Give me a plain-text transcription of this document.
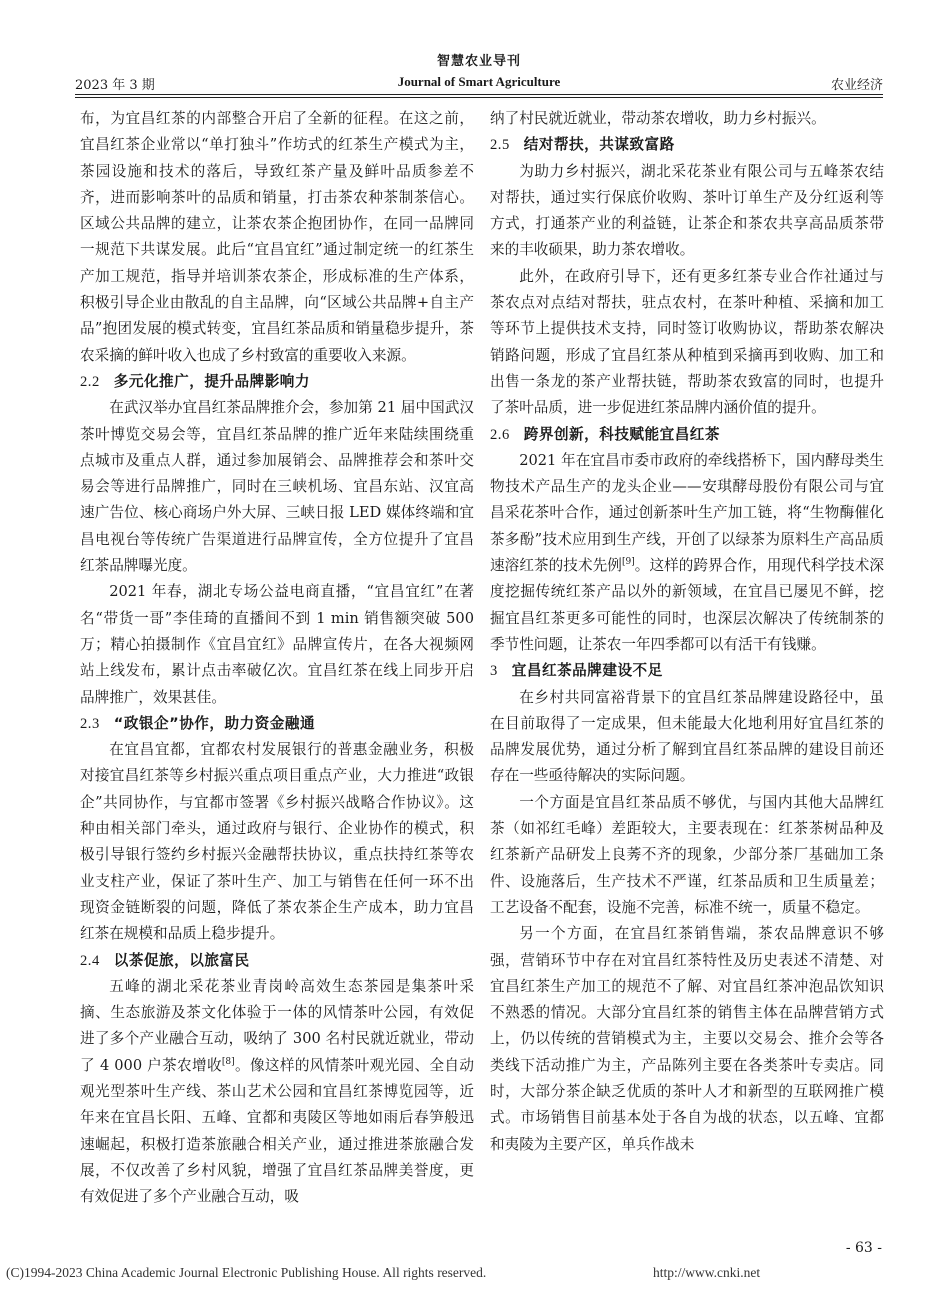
智慧农业导刊
2023 年 3 期	Journal of Smart Agriculture	农业经济

布，为宜昌红茶的内部整合开启了全新的征程。在这之前，宜昌红茶企业常以“单打独斗”作坊式的红茶生产模式为主，茶园设施和技术的落后，导致红茶产量及鲜叶品质参差不齐，进而影响茶叶的品质和销量，打击茶农种茶制茶信心。区域公共品牌的建立，让茶农茶企抱团协作，在同一品牌同一规范下共谋发展。此后“宜昌宜红”通过制定统一的红茶生产加工规范，指导并培训茶农茶企，形成标准的生产体系，积极引导企业由散乱的自主品牌，向“区域公共品牌+自主产品”抱团发展的模式转变，宜昌红茶品质和销量稳步提升，茶农采摘的鲜叶收入也成了乡村致富的重要收入来源。

2.2 多元化推广，提升品牌影响力

在武汉举办宜昌红茶品牌推介会，参加第 21 届中国武汉茶叶博览交易会等，宜昌红茶品牌的推广近年来陆续围绕重点城市及重点人群，通过参加展销会、品牌推荐会和茶叶交易会等进行品牌推广，同时在三峡机场、宜昌东站、汉宜高速广告位、核心商场户外大屏、三峡日报 LED 媒体终端和宜昌电视台等传统广告渠道进行品牌宣传，全方位提升了宜昌红茶品牌曝光度。

2021 年春，湖北专场公益电商直播，“宜昌宜红”在著名“带货一哥”李佳琦的直播间不到 1 min 销售额突破 500 万；精心拍摄制作《宜昌宜红》品牌宣传片，在各大视频网站上线发布，累计点击率破亿次。宜昌红茶在线上同步开启品牌推广，效果甚佳。

2.3 “政银企”协作，助力资金融通

在宜昌宜都，宜都农村发展银行的普惠金融业务，积极对接宜昌红茶等乡村振兴重点项目重点产业，大力推进“政银企”共同协作，与宜都市签署《乡村振兴战略合作协议》。这种由相关部门牵头，通过政府与银行、企业协作的模式，积极引导银行签约乡村振兴金融帮扶协议，重点扶持红茶等农业支柱产业，保证了茶叶生产、加工与销售在任何一环不出现资金链断裂的问题，降低了茶农茶企生产成本，助力宜昌红茶在规模和品质上稳步提升。

2.4 以茶促旅，以旅富民

五峰的湖北采花茶业青岗岭高效生态茶园是集茶叶采摘、生态旅游及茶文化体验于一体的风情茶叶公园，有效促进了多个产业融合互动，吸纳了 300 名村民就近就业，带动了 4 000 户茶农增收[8]。像这样的风情茶叶观光园、全自动观光型茶叶生产线、茶山艺术公园和宜昌红茶博览园等，近年来在宜昌长阳、五峰、宜都和夷陵区等地如雨后春笋般迅速崛起，积极打造茶旅融合相关产业，通过推进茶旅融合发展，不仅改善了乡村风貌，增强了宜昌红茶品牌美誉度，更有效促进了多个产业融合互动，吸

纳了村民就近就业，带动茶农增收，助力乡村振兴。

2.5 结对帮扶，共谋致富路

为助力乡村振兴，湖北采花茶业有限公司与五峰茶农结对帮扶，通过实行保底价收购、茶叶订单生产及分红返利等方式，打通茶产业的利益链，让茶企和茶农共享高品质茶带来的丰收硕果，助力茶农增收。

此外，在政府引导下，还有更多红茶专业合作社通过与茶农点对点结对帮扶，驻点农村，在茶叶种植、采摘和加工等环节上提供技术支持，同时签订收购协议，帮助茶农解决销路问题，形成了宜昌红茶从种植到采摘再到收购、加工和出售一条龙的茶产业帮扶链，帮助茶农致富的同时，也提升了茶叶品质，进一步促进红茶品牌内涵价值的提升。

2.6 跨界创新，科技赋能宜昌红茶

2021 年在宜昌市委市政府的牵线搭桥下，国内酵母类生物技术产品生产的龙头企业——安琪酵母股份有限公司与宜昌采花茶叶合作，通过创新茶叶生产加工链，将“生物酶催化茶多酚”技术应用到生产线，开创了以绿茶为原料生产高品质速溶红茶的技术先例[9]。这样的跨界合作，用现代科学技术深度挖掘传统红茶产品以外的新领域，在宜昌已屡见不鲜，挖掘宜昌红茶更多可能性的同时，也深层次解决了传统制茶的季节性问题，让茶农一年四季都可以有活干有钱赚。

3 宜昌红茶品牌建设不足

在乡村共同富裕背景下的宜昌红茶品牌建设路径中，虽在目前取得了一定成果，但未能最大化地利用好宜昌红茶的品牌发展优势，通过分析了解到宜昌红茶品牌的建设目前还存在一些亟待解决的实际问题。

一个方面是宜昌红茶品质不够优，与国内其他大品牌红茶（如祁红毛峰）差距较大，主要表现在：红茶茶树品种及红茶新产品研发上良莠不齐的现象，少部分茶厂基础加工条件、设施落后，生产技术不严谨，红茶品质和卫生质量差；工艺设备不配套，设施不完善，标准不统一，质量不稳定。

另一个方面，在宜昌红茶销售端，茶农品牌意识不够强，营销环节中存在对宜昌红茶特性及历史表述不清楚、对宜昌红茶生产加工的规范不了解、对宜昌红茶冲泡品饮知识不熟悉的情况。大部分宜昌红茶的销售主体在品牌营销方式上，仍以传统的营销模式为主，主要以交易会、推介会等各类线下活动推广为主，产品陈列主要在各类茶叶专卖店。同时，大部分茶企缺乏优质的茶叶人才和新型的互联网推广模式。市场销售目前基本处于各自为战的状态，以五峰、宜都和夷陵为主要产区，单兵作战未

- 63 -
(C)1994-2023 China Academic Journal Electronic Publishing House. All rights reserved.	http://www.cnki.net
